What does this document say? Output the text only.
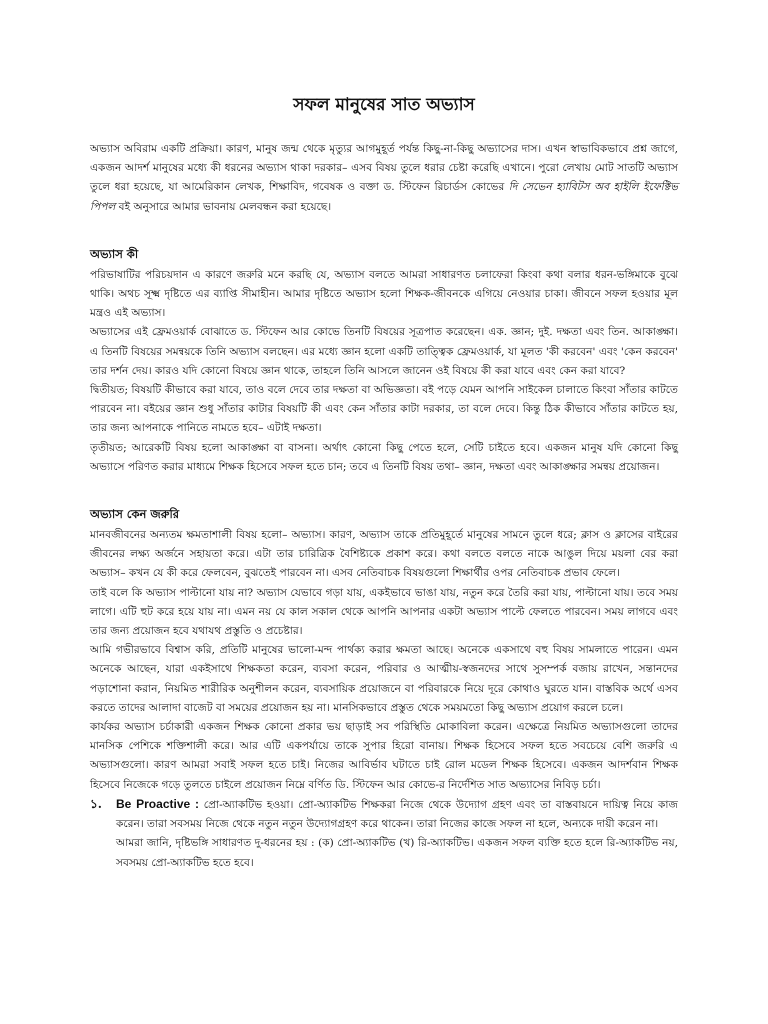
সফল মানুষের সাত অভ্যাস

অভ্যাস অবিরাম একটি প্রক্রিয়া। কারণ, মানুষ জন্ম থেকে মৃত্যুর আগমুহূর্ত পর্যন্ত কিছু-না-কিছু অভ্যাসের দাস। এখন স্বাভাবিকভাবে প্রশ্ন জাগে, একজন আদর্শ মানুষের মধ্যে কী ধরনের অভ্যাস থাকা দরকার– এসব বিষয় তুলে ধরার চেষ্টা করেছি এখানে। পুরো লেখায় মোট সাতটি অভ্যাস তুলে ধরা হয়েছে, যা আমেরিকান লেখক, শিক্ষাবিদ, গবেষক ও বক্তা ড. স্টিফেন রিচার্ডস কোভের দি সেভেন হ্যাবিটস অব হাইলি ইফেক্টিভ পিপল বই অনুসারে আমার ভাবনায় মেলবন্ধন করা হয়েছে।

অভ্যাস কী

পরিভাষাটির পরিচয়দান এ কারণে জরুরি মনে করছি যে, অভ্যাস বলতে আমরা সাধারণত চলাফেরা কিংবা কথা বলার ধরন-ভঙ্গিমাকে বুঝে থাকি। অথচ সূক্ষ্ম দৃষ্টিতে এর ব্যাপ্তি সীমাহীন। আমার দৃষ্টিতে অভ্যাস হলো শিক্ষক-জীবনকে এগিয়ে নেওয়ার চাকা। জীবনে সফল হওয়ার মূল মন্ত্রও এই অভ্যাস।

অভ্যাসের এই ফ্রেমওয়ার্ক বোঝাতে ড. স্টিফেন আর কোভে তিনটি বিষয়ের সূত্রপাত করেছেন। এক. জ্ঞান; দুই. দক্ষতা এবং তিন. আকাঙ্ক্ষা। এ তিনটি বিষয়ের সমন্বয়কে তিনি অভ্যাস বলছেন। এর মধ্যে জ্ঞান হলো একটি তাত্ত্বিক ফ্রেমওয়ার্ক, যা মূলত 'কী করবেন' এবং 'কেন করবেন' তার দর্শন দেয়। কারও যদি কোনো বিষয়ে জ্ঞান থাকে, তাহলে তিনি আসলে জানেন ওই বিষয়ে কী করা যাবে এবং কেন করা যাবে?

দ্বিতীয়ত; বিষয়টি কীভাবে করা যাবে, তাও বলে দেবে তার দক্ষতা বা অভিজ্ঞতা। বই পড়ে যেমন আপনি সাইকেল চালাতে কিংবা সাঁতার কাটতে পারবেন না। বইয়ের জ্ঞান শুধু সাঁতার কাটার বিষয়টি কী এবং কেন সাঁতার কাটা দরকার, তা বলে দেবে। কিন্তু ঠিক কীভাবে সাঁতার কাটতে হয়, তার জন্য আপনাকে পানিতে নামতে হবে– এটাই দক্ষতা।

তৃতীয়ত; আরেকটি বিষয় হলো আকাঙ্ক্ষা বা বাসনা। অর্থাৎ কোনো কিছু পেতে হলে, সেটি চাইতে হবে। একজন মানুষ যদি কোনো কিছু অভ্যাসে পরিণত করার মাধ্যমে শিক্ষক হিসেবে সফল হতে চান; তবে এ তিনটি বিষয় তথা– জ্ঞান, দক্ষতা এবং আকাঙ্ক্ষার সমন্বয় প্রয়োজন।

অভ্যাস কেন জরুরি

মানবজীবনের অন্যতম ক্ষমতাশালী বিষয় হলো– অভ্যাস। কারণ, অভ্যাস তাকে প্রতিমুহূর্তে মানুষের সামনে তুলে ধরে; ক্লাস ও ক্লাসের বাইরের জীবনের লক্ষ্য অর্জনে সহায়তা করে। এটা তার চারিত্রিক বৈশিষ্ট্যকে প্রকাশ করে। কথা বলতে বলতে নাকে আঙুল দিয়ে ময়লা বের করা অভ্যাস– কখন যে কী করে ফেলবেন, বুঝতেই পারবেন না। এসব নেতিবাচক বিষয়গুলো শিক্ষার্থীর ওপর নেতিবাচক প্রভাব ফেলে।

তাই বলে কি অভ্যাস পাল্টানো যায় না? অভ্যাস যেভাবে গড়া যায়, একইভাবে ভাঙা যায়, নতুন করে তৈরি করা যায়, পাল্টানো যায়। তবে সময় লাগে। এটি হুট করে হয়ে যায় না। এমন নয় যে কাল সকাল থেকে আপনি আপনার একটা অভ্যাস পাল্টে ফেলতে পারবেন। সময় লাগবে এবং তার জন্য প্রয়োজন হবে যথাযথ প্রস্তুতি ও প্রচেষ্টার।

আমি গভীরভাবে বিশ্বাস করি, প্রতিটি মানুষের ভালো-মন্দ পার্থক্য করার ক্ষমতা আছে। অনেকে একসাথে বহু বিষয় সামলাতে পারেন। এমন অনেকে আছেন, যারা একইসাথে শিক্ষকতা করেন, ব্যবসা করেন, পরিবার ও আত্মীয়-স্বজনদের সাথে সুসম্পর্ক বজায় রাখেন, সন্তানদের পড়াশোনা করান, নিয়মিত শারীরিক অনুশীলন করেন, ব্যবসায়িক প্রয়োজনে বা পরিবারকে নিয়ে দূরে কোথাও ঘুরতে যান। বাস্তবিক অর্থে এসব করতে তাদের আলাদা বাজেট বা সময়ের প্রয়োজন হয় না। মানসিকভাবে প্রস্তুত থেকে সময়মতো কিছু অভ্যাস প্রয়োগ করলে চলে।

কার্যকর অভ্যাস চর্চাকারী একজন শিক্ষক কোনো প্রকার ভয় ছাড়াই সব পরিস্থিতি মোকাবিলা করেন। এক্ষেত্রে নিয়মিত অভ্যাসগুলো তাদের মানসিক পেশিকে শক্তিশালী করে। আর এটি একপর্যায়ে তাকে সুপার হিরো বানায়। শিক্ষক হিসেবে সফল হতে সবচেয়ে বেশি জরুরি এ অভ্যাসগুলো। কারণ আমরা সবাই সফল হতে চাই। নিজের আবির্ভাব ঘটাতে চাই রোল মডেল শিক্ষক হিসেবে। একজন আদর্শবান শিক্ষক হিসেবে নিজেকে গড়ে তুলতে চাইলে প্রয়োজন নিম্নে বর্ণিত ডি. স্টিফেন আর কোভে-র নির্দেশিত সাত অভ্যাসের নিবিড় চর্চা।

১.	Be Proactive : প্রো-অ্যাকটিভ হওয়া। প্রো-অ্যাকটিভ শিক্ষকরা নিজে থেকে উদ্যোগ গ্রহণ এবং তা বাস্তবায়নে দায়িত্ব নিয়ে কাজ করেন। তারা সবসময় নিজে থেকে নতুন নতুন উদ্যোগগ্রহণ করে থাকেন। তারা নিজের কাজে সফল না হলে, অন্যকে দায়ী করেন না।

আমরা জানি, দৃষ্টিভঙ্গি সাধারণত দু-ধরনের হয় : (ক) প্রো-অ্যাকটিভ (খ) রি-অ্যাকটিভ। একজন সফল ব্যক্তি হতে হলে রি-অ্যাকটিভ নয়, সবসময় প্রো-অ্যাকটিভ হতে হবে।
